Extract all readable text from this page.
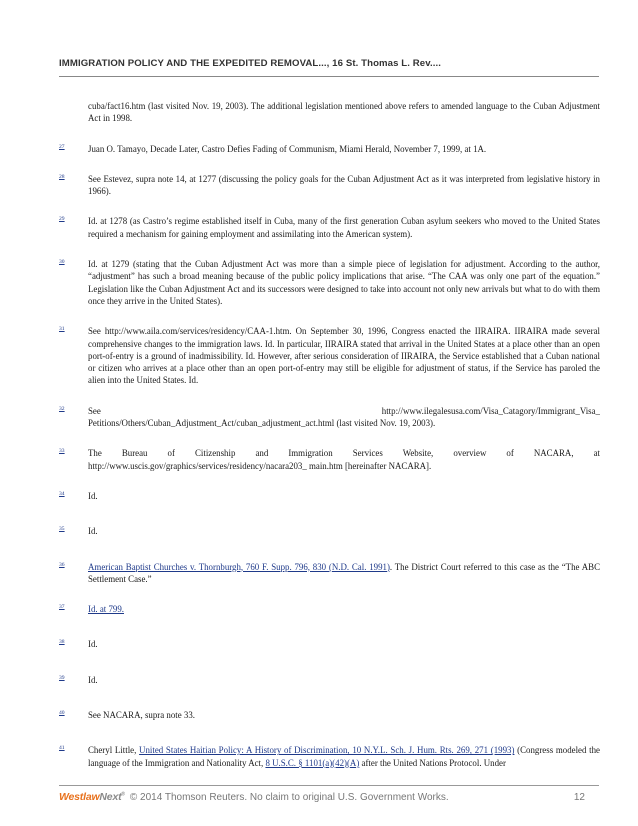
IMMIGRATION POLICY AND THE EXPEDITED REMOVAL..., 16 St. Thomas L. Rev....
cuba/fact16.htm (last visited Nov. 19, 2003). The additional legislation mentioned above refers to amended language to the Cuban Adjustment Act in 1998.
27	Juan O. Tamayo, Decade Later, Castro Defies Fading of Communism, Miami Herald, November 7, 1999, at 1A.
28	See Estevez, supra note 14, at 1277 (discussing the policy goals for the Cuban Adjustment Act as it was interpreted from legislative history in 1966).
29	Id. at 1278 (as Castro’s regime established itself in Cuba, many of the first generation Cuban asylum seekers who moved to the United States required a mechanism for gaining employment and assimilating into the American system).
30	Id. at 1279 (stating that the Cuban Adjustment Act was more than a simple piece of legislation for adjustment. According to the author, “adjustment” has such a broad meaning because of the public policy implications that arise. “The CAA was only one part of the equation.” Legislation like the Cuban Adjustment Act and its successors were designed to take into account not only new arrivals but what to do with them once they arrive in the United States).
31	See http://www.aila.com/services/residency/CAA-1.htm. On September 30, 1996, Congress enacted the IIRAIRA. IIRAIRA made several comprehensive changes to the immigration laws. Id. In particular, IIRAIRA stated that arrival in the United States at a place other than an open port-of-entry is a ground of inadmissibility. Id. However, after serious consideration of IIRAIRA, the Service established that a Cuban national or citizen who arrives at a place other than an open port-of-entry may still be eligible for adjustment of status, if the Service has paroled the alien into the United States. Id.
32	See	http://www.ilegalesusa.com/Visa_Catagory/Immigrant_Visa_
Petitions/Others/Cuban_Adjustment_Act/cuban_adjustment_act.html (last visited Nov. 19, 2003).
33	The Bureau of Citizenship and Immigration Services Website, overview of NACARA, at http://www.uscis.gov/graphics/services/residency/nacara203_ main.htm [hereinafter NACARA].
34	Id.
35	Id.
36	American Baptist Churches v. Thornburgh, 760 F. Supp. 796, 830 (N.D. Cal. 1991). The District Court referred to this case as the “The ABC Settlement Case.”
37	Id. at 799.
38	Id.
39	Id.
40	See NACARA, supra note 33.
41	Cheryl Little, United States Haitian Policy: A History of Discrimination, 10 N.Y.L. Sch. J. Hum. Rts. 269, 271 (1993) (Congress modeled the language of the Immigration and Nationality Act, 8 U.S.C. § 1101(a)(42)(A) after the United Nations Protocol. Under
WestlawNext® © 2014 Thomson Reuters. No claim to original U.S. Government Works.	12
